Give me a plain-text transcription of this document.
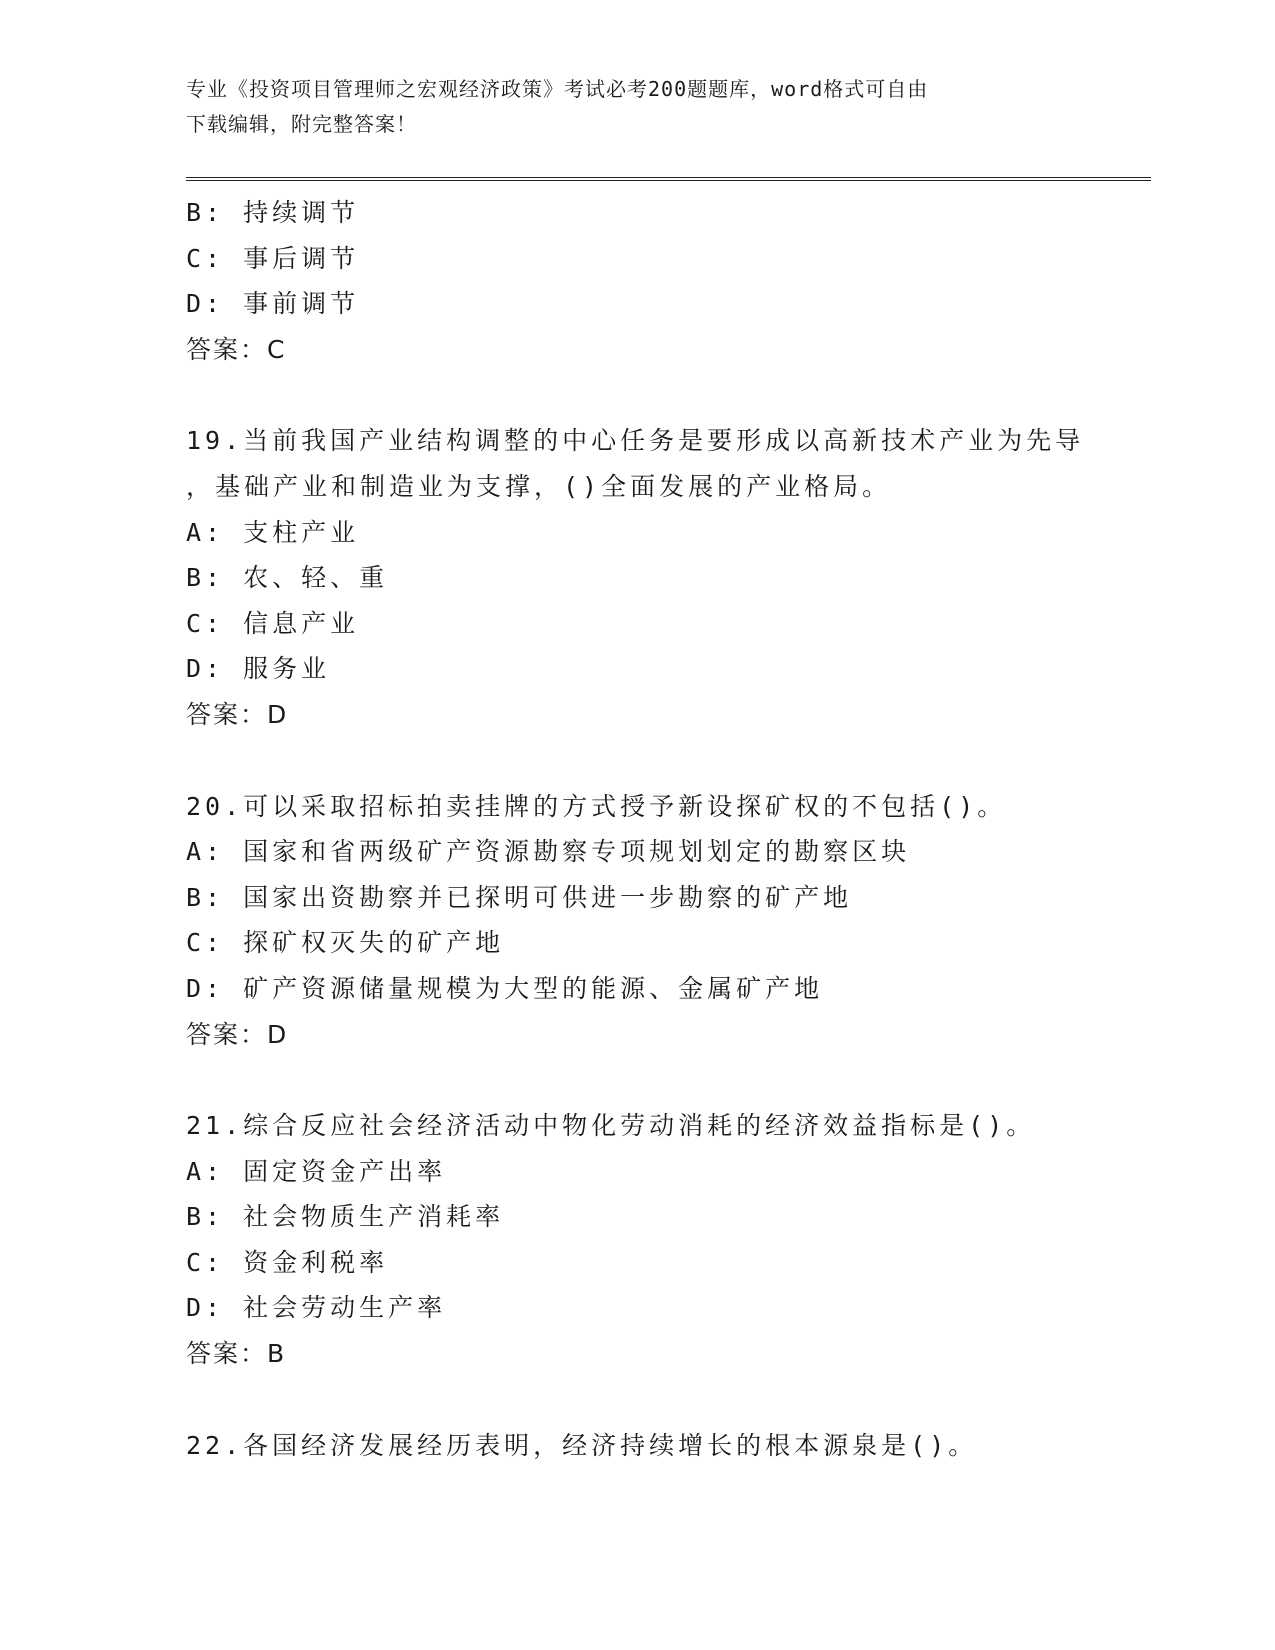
专业《投资项目管理师之宏观经济政策》考试必考200题题库，word格式可自由
下载编辑，附完整答案！
B: 持续调节
C: 事后调节
D: 事前调节
答案：C
19.当前我国产业结构调整的中心任务是要形成以高新技术产业为先导
，基础产业和制造业为支撑，()全面发展的产业格局。
A: 支柱产业
B: 农、轻、重
C: 信息产业
D: 服务业
答案：D
20.可以采取招标拍卖挂牌的方式授予新设探矿权的不包括()。
A: 国家和省两级矿产资源勘察专项规划划定的勘察区块
B: 国家出资勘察并已探明可供进一步勘察的矿产地
C: 探矿权灭失的矿产地
D: 矿产资源储量规模为大型的能源、金属矿产地
答案：D
21.综合反应社会经济活动中物化劳动消耗的经济效益指标是()。
A: 固定资金产出率
B: 社会物质生产消耗率
C: 资金利税率
D: 社会劳动生产率
答案：B
22.各国经济发展经历表明，经济持续增长的根本源泉是()。
